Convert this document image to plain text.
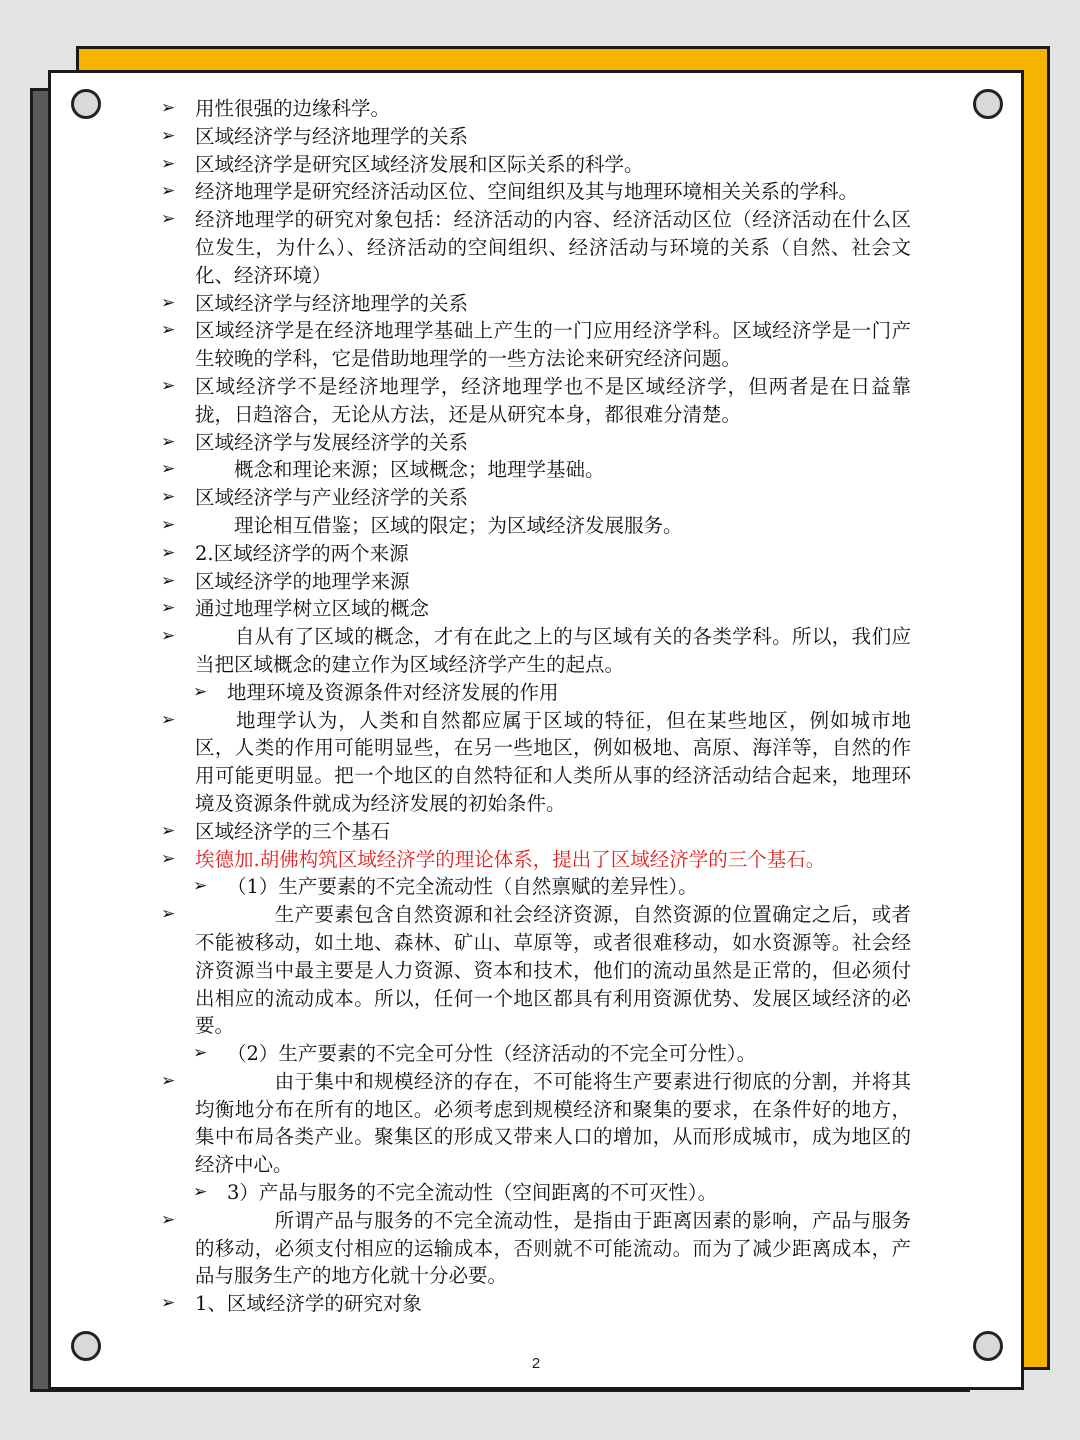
➢ 用性很强的边缘科学。
➢ 区域经济学与经济地理学的关系
➢ 区域经济学是研究区域经济发展和区际关系的科学。
➢ 经济地理学是研究经济活动区位、空间组织及其与地理环境相关关系的学科。
➢ 经济地理学的研究对象包括：经济活动的内容、经济活动区位（经济活动在什么区位发生，为什么）、经济活动的空间组织、经济活动与环境的关系（自然、社会文化、经济环境）
➢ 区域经济学与经济地理学的关系
➢ 区域经济学是在经济地理学基础上产生的一门应用经济学科。区域经济学是一门产生较晚的学科，它是借助地理学的一些方法论来研究经济问题。
➢ 区域经济学不是经济地理学，经济地理学也不是区域经济学，但两者是在日益靠拢，日趋溶合，无论从方法，还是从研究本身，都很难分清楚。
➢ 区域经济学与发展经济学的关系
➢	概念和理论来源；区域概念；地理学基础。
➢ 区域经济学与产业经济学的关系
➢	理论相互借鉴；区域的限定；为区域经济发展服务。
➢ 2.区域经济学的两个来源
➢ 区域经济学的地理学来源
➢ 通过地理学树立区域的概念
➢	自从有了区域的概念，才有在此之上的与区域有关的各类学科。所以，我们应当把区域概念的建立作为区域经济学产生的起点。
➢ 地理环境及资源条件对经济发展的作用
➢	地理学认为，人类和自然都应属于区域的特征，但在某些地区，例如城市地区，人类的作用可能明显些，在另一些地区，例如极地、高原、海洋等，自然的作用可能更明显。把一个地区的自然特征和人类所从事的经济活动结合起来，地理环境及资源条件就成为经济发展的初始条件。
➢ 区域经济学的三个基石
➢ 埃德加.胡佛构筑区域经济学的理论体系，提出了区域经济学的三个基石。
➢ （1）生产要素的不完全流动性（自然禀赋的差异性）。
➢	生产要素包含自然资源和社会经济资源，自然资源的位置确定之后，或者不能被移动，如土地、森林、矿山、草原等，或者很难移动，如水资源等。社会经济资源当中最主要是人力资源、资本和技术，他们的流动虽然是正常的，但必须付出相应的流动成本。所以，任何一个地区都具有利用资源优势、发展区域经济的必要。
➢ （2）生产要素的不完全可分性（经济活动的不完全可分性）。
➢	由于集中和规模经济的存在，不可能将生产要素进行彻底的分割，并将其均衡地分布在所有的地区。必须考虑到规模经济和聚集的要求，在条件好的地方，集中布局各类产业。聚集区的形成又带来人口的增加，从而形成城市，成为地区的经济中心。
➢ 3）产品与服务的不完全流动性（空间距离的不可灭性）。
➢	所谓产品与服务的不完全流动性，是指由于距离因素的影响，产品与服务的移动，必须支付相应的运输成本，否则就不可能流动。而为了减少距离成本，产品与服务生产的地方化就十分必要。
➢ 1、区域经济学的研究对象
2
